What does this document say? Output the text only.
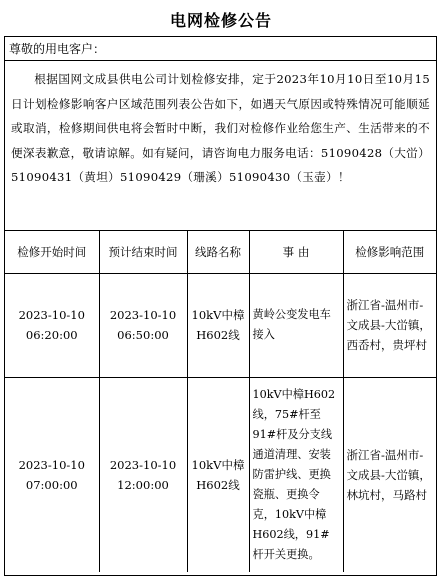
电网检修公告
尊敬的用电客户：
根据国网文成县供电公司计划检修安排，定于2023年10月10日至10月15日计划检修影响客户区域范围列表公告如下，如遇天气原因或特殊情况可能顺延或取消，检修期间供电将会暂时中断，我们对检修作业给您生产、生活带来的不便深表歉意，敬请谅解。如有疑问，请咨询电力服务电话：51090428（大峃）51090431（黄坦）51090429（珊溪）51090430（玉壶）！
检修开始时间	预计结束时间	线路名称	事 由	检修影响范围
2023-10-10 06:20:00	2023-10-10 06:50:00	10kV中樟H602线	黄岭公变发电车接入	浙江省-温州市-文成县-大峃镇，西岙村，贵坪村
2023-10-10 07:00:00	2023-10-10 12:00:00	10kV中樟H602线	10kV中樟H602线，75#杆至91#杆及分支线通道清理、安装防雷护线、更换瓷瓶、更换令克，10kV中樟H602线，91#杆开关更换。	浙江省-温州市-文成县-大峃镇，林坑村，马路村
